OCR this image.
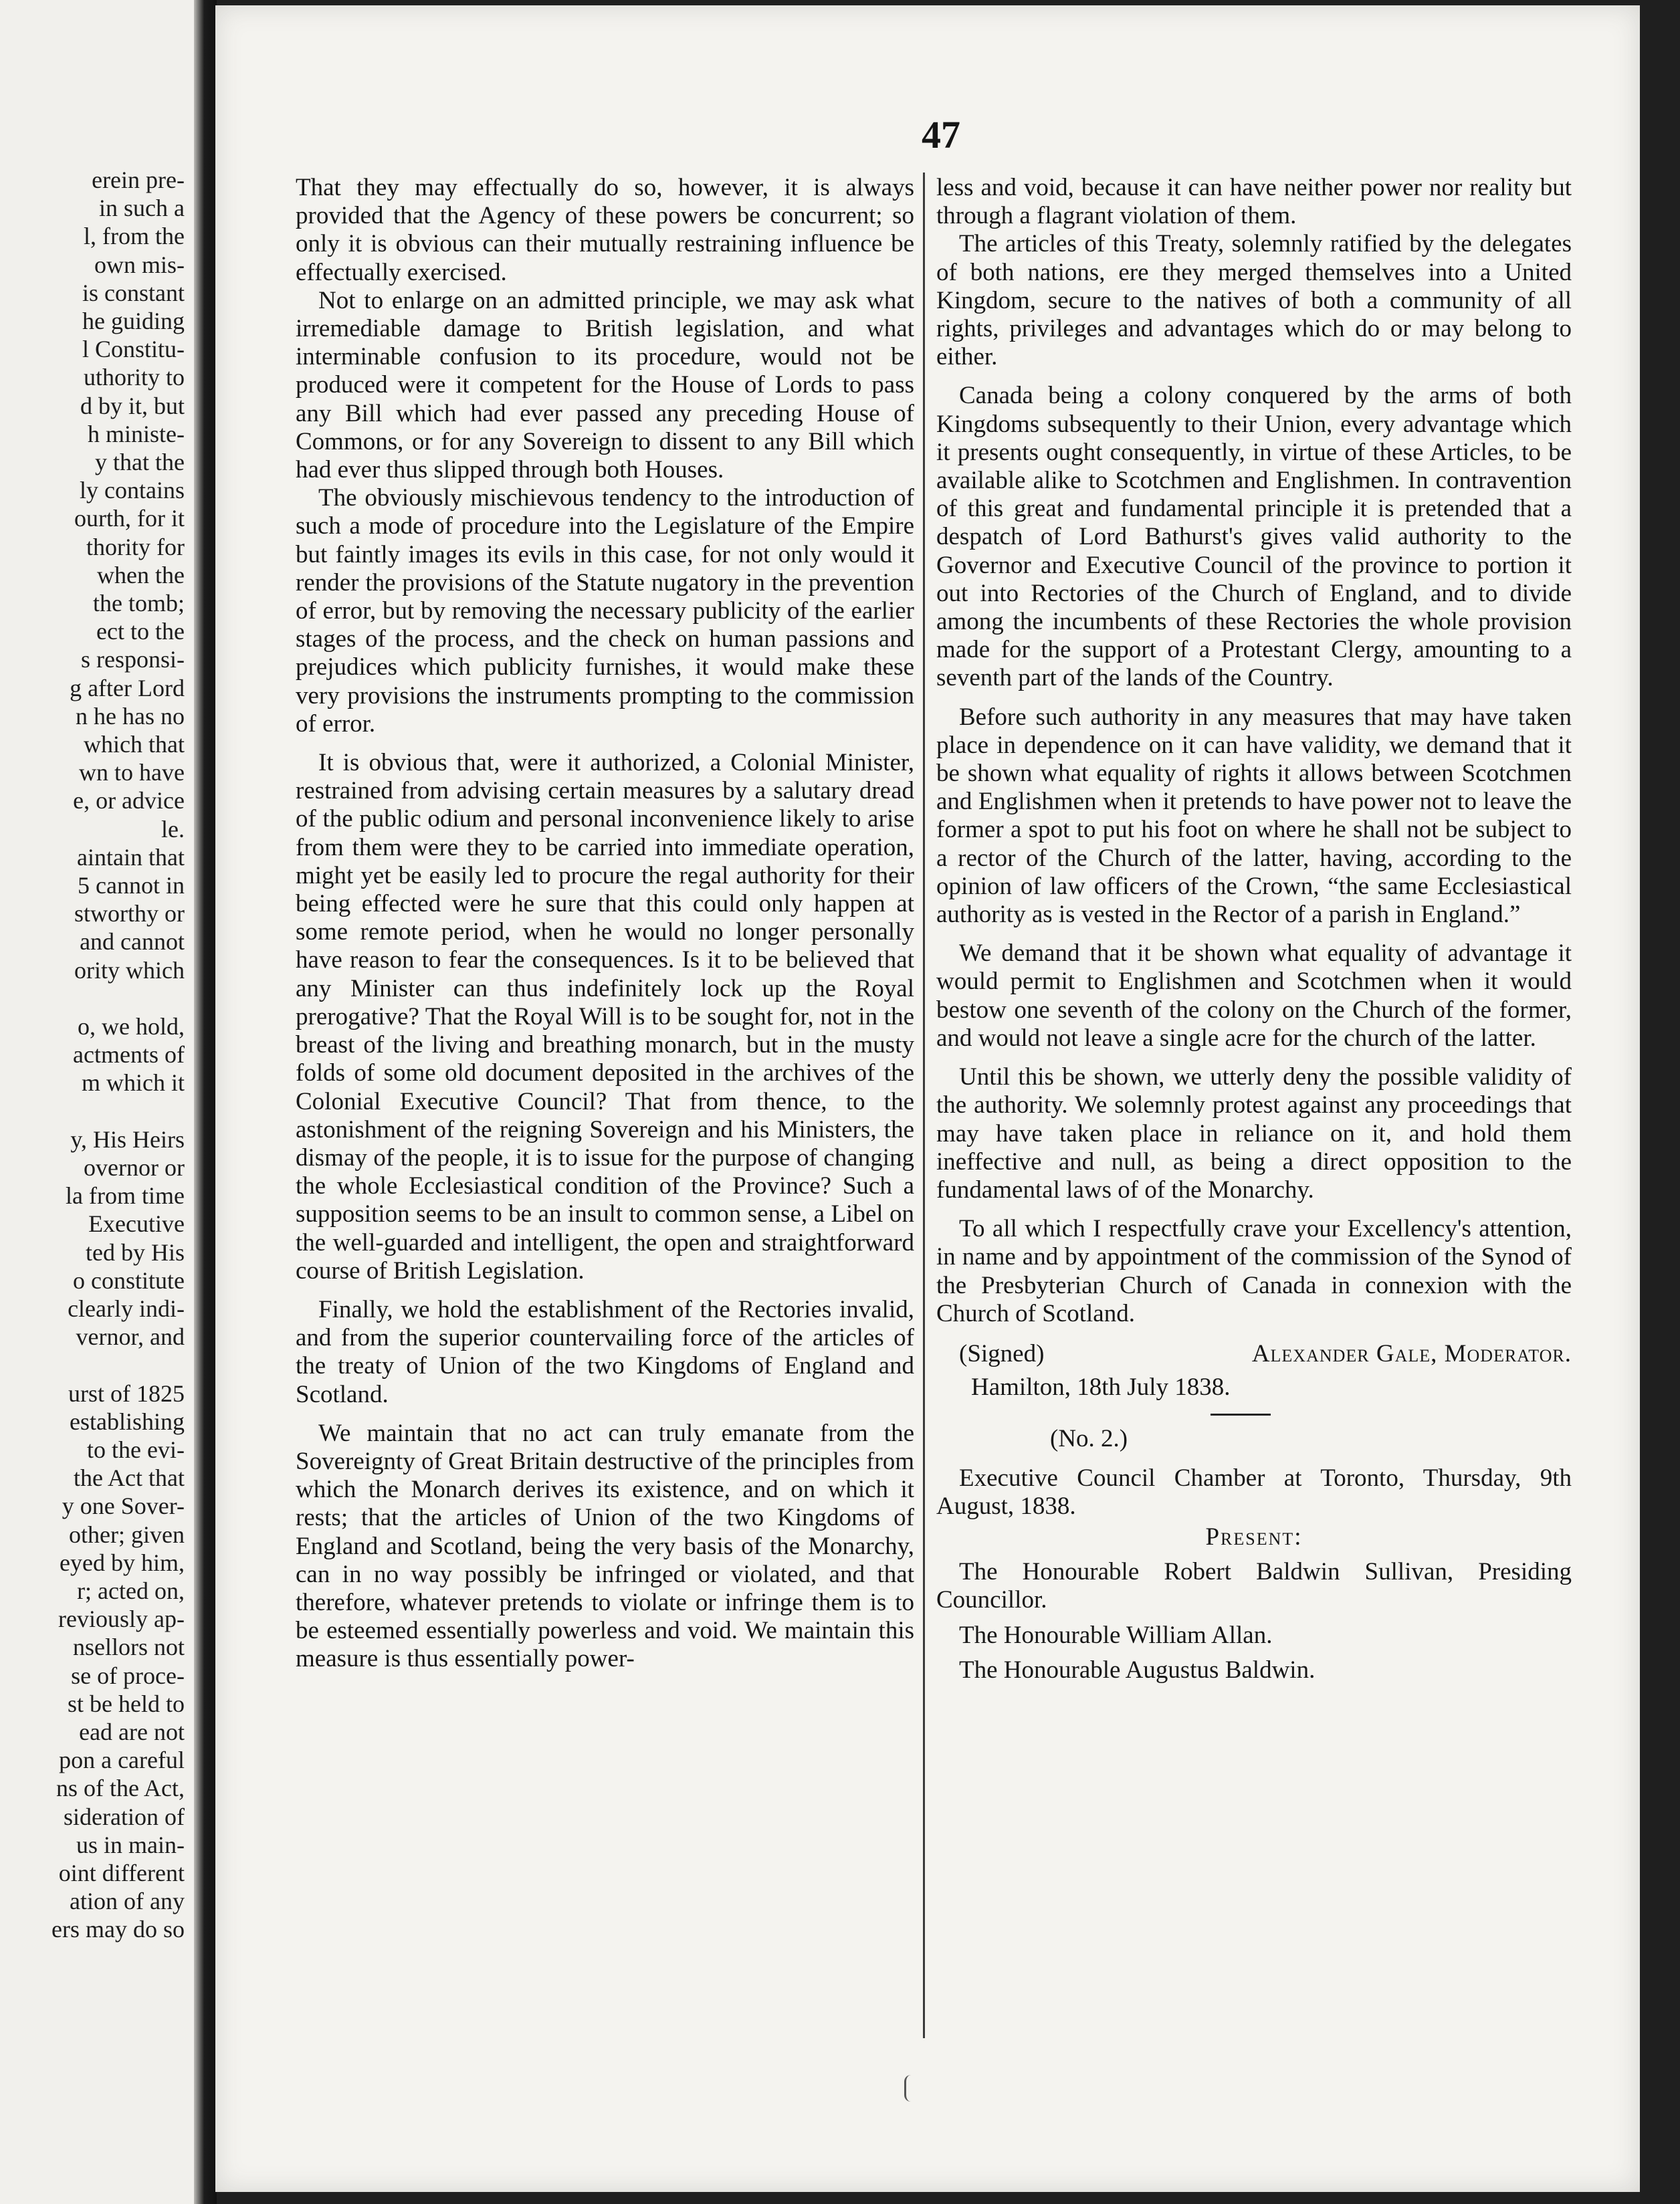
erein pre-
in such a
l, from the
own mis-
is constant
he guiding
l Constitu-
uthority to
d by it, but
h ministe-
y that the
ly contains
ourth, for it
thority for
when the
the tomb;
ect to the
s responsi-
g after Lord
n he has no
which that
wn to have
e, or advice
le.
aintain that
5 cannot in
stworthy or
and cannot
ority which
o, we hold,
actments of
m which it
y, His Heirs
overnor or
la from time
Executive
ted by His
o constitute
clearly indi-
vernor, and
urst of 1825
establishing
to the evi-
the Act that
y one Sover-
other; given
eyed by him,
r; acted on,
reviously ap-
nsellors not
se of proce-
st be held to
ead are not
pon a careful
ns of the Act,
sideration of
us in main-
oint different
ation of any
ers may do so
47

That they may effectually do so, however, it is always provided that the Agency of these powers be concurrent; so only it is obvious can their mutually restraining influence be effectually exercised.

Not to enlarge on an admitted principle, we may ask what irremediable damage to British legislation, and what interminable confusion to its procedure, would not be produced were it competent for the House of Lords to pass any Bill which had ever passed any preceding House of Commons, or for any Sovereign to dissent to any Bill which had ever thus slipped through both Houses.

The obviously mischievous tendency to the introduction of such a mode of procedure into the Legislature of the Empire but faintly images its evils in this case, for not only would it render the provisions of the Statute nugatory in the prevention of error, but by removing the necessary publicity of the earlier stages of the process, and the check on human passions and prejudices which publicity furnishes, it would make these very provisions the instruments prompting to the commission of error.

It is obvious that, were it authorized, a Colonial Minister, restrained from advising certain measures by a salutary dread of the public odium and personal inconvenience likely to arise from them were they to be carried into immediate operation, might yet be easily led to procure the regal authority for their being effected were he sure that this could only happen at some remote period, when he would no longer personally have reason to fear the consequences. Is it to be believed that any Minister can thus indefinitely lock up the Royal prerogative? That the Royal Will is to be sought for, not in the breast of the living and breathing monarch, but in the musty folds of some old document deposited in the archives of the Colonial Executive Council? That from thence, to the astonishment of the reigning Sovereign and his Ministers, the dismay of the people, it is to issue for the purpose of changing the whole Ecclesiastical condition of the Province? Such a supposition seems to be an insult to common sense, a Libel on the well-guarded and intelligent, the open and straightforward course of British Legislation.

Finally, we hold the establishment of the Rectories invalid, and from the superior countervailing force of the articles of the treaty of Union of the two Kingdoms of England and Scotland.

We maintain that no act can truly emanate from the Sovereignty of Great Britain destructive of the principles from which the Monarch derives its existence, and on which it rests; that the articles of Union of the two Kingdoms of England and Scotland, being the very basis of the Monarchy, can in no way possibly be infringed or violated, and that therefore, whatever pretends to violate or infringe them is to be esteemed essentially powerless and void. We maintain this measure is thus essentially power-

less and void, because it can have neither power nor reality but through a flagrant violation of them.

The articles of this Treaty, solemnly ratified by the delegates of both nations, ere they merged themselves into a United Kingdom, secure to the natives of both a community of all rights, privileges and advantages which do or may belong to either.

Canada being a colony conquered by the arms of both Kingdoms subsequently to their Union, every advantage which it presents ought consequently, in virtue of these Articles, to be available alike to Scotchmen and Englishmen. In contravention of this great and fundamental principle it is pretended that a despatch of Lord Bathurst's gives valid authority to the Governor and Executive Council of the province to portion it out into Rectories of the Church of England, and to divide among the incumbents of these Rectories the whole provision made for the support of a Protestant Clergy, amounting to a seventh part of the lands of the Country.

Before such authority in any measures that may have taken place in dependence on it can have validity, we demand that it be shown what equality of rights it allows between Scotchmen and Englishmen when it pretends to have power not to leave the former a spot to put his foot on where he shall not be subject to a rector of the Church of the latter, having, according to the opinion of law officers of the Crown, “the same Ecclesiastical authority as is vested in the Rector of a parish in England.”

We demand that it be shown what equality of advantage it would permit to Englishmen and Scotchmen when it would bestow one seventh of the colony on the Church of the former, and would not leave a single acre for the church of the latter.

Until this be shown, we utterly deny the possible validity of the authority. We solemnly protest against any proceedings that may have taken place in reliance on it, and hold them ineffective and null, as being a direct opposition to the fundamental laws of of the Monarchy.

To all which I respectfully crave your Excellency's attention, in name and by appointment of the commission of the Synod of the Presbyterian Church of Canada in connexion with the Church of Scotland.

(Signed)	Alexander Gale, Moderator.
Hamilton, 18th July 1838.
(No. 2.)

Executive Council Chamber at Toronto, Thursday, 9th August, 1838.

Present:

The Honourable Robert Baldwin Sullivan, Presiding Councillor.

The Honourable William Allan.
The Honourable Augustus Baldwin.
